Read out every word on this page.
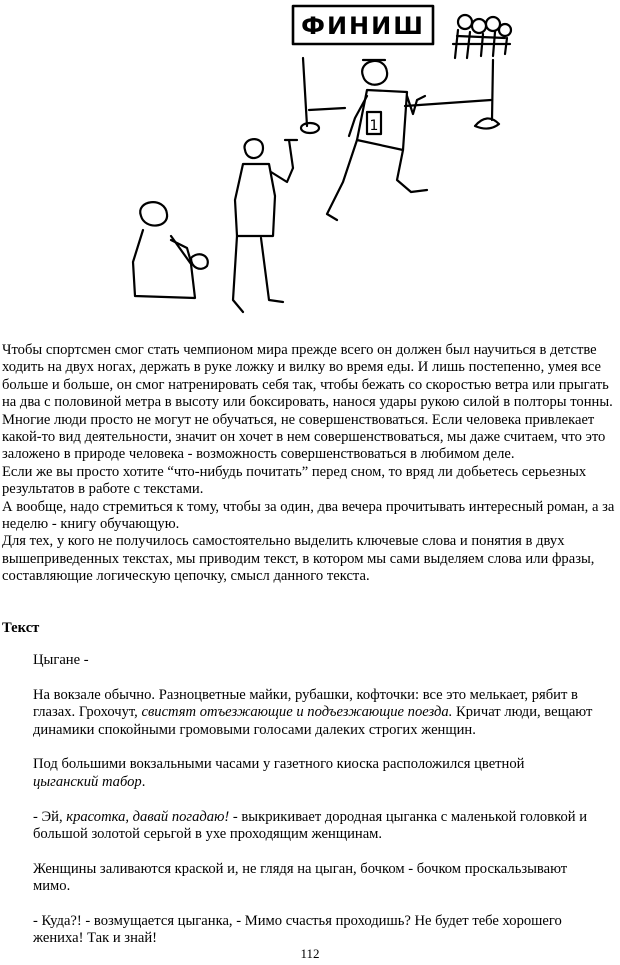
ФИНИШ
1

Чтобы спортсмен смог стать чемпионом мира прежде всего он должен был научиться в детстве ходить на двух ногах, держать в руке ложку и вилку во время еды. И лишь постепенно, умея все больше и больше, он смог натренировать себя так, чтобы бежать со скоростью ветра или прыгать на два с половиной метра в высоту или боксировать, нанося удары рукою силой в полторы тонны.

Многие люди просто не могут не обучаться, не совершенствоваться. Если человека привлекает какой-то вид деятельности, значит он хочет в нем совершенствоваться, мы даже считаем, что это заложено в природе человека - возможность совершенствоваться в любимом деле.

Если же вы просто хотите “что-нибудь почитать” перед сном, то вряд ли добьетесь серьезных результатов в работе с текстами.

А вообще, надо стремиться к тому, чтобы за один, два вечера прочитывать интересный роман, а за неделю - книгу обучающую.

Для тех, у кого не получилось самостоятельно выделить ключевые слова и понятия в двух вышеприведенных текстах, мы приводим текст, в котором мы сами выделяем слова или фразы, составляющие логическую цепочку, смысл данного текста.

Текст

Цыгане -

На вокзале обычно. Разноцветные майки, рубашки, кофточки: все это мелькает, рябит в глазах. Грохочут, свистят отъезжающие и подъезжающие поезда. Кричат люди, вещают динамики спокойными громовыми голосами далеких строгих женщин.

Под большими вокзальными часами у газетного киоска расположился цветной цыганский табор.

- Эй, красотка, давай погадаю! - выкрикивает дородная цыганка с маленькой головкой и большой золотой серьгой в ухе проходящим женщинам.

Женщины заливаются краской и, не глядя на цыган, бочком - бочком проскальзывают мимо.

- Куда?! - возмущается цыганка, - Мимо счастья проходишь? Не будет тебе хорошего жениха! Так и знай!

112
